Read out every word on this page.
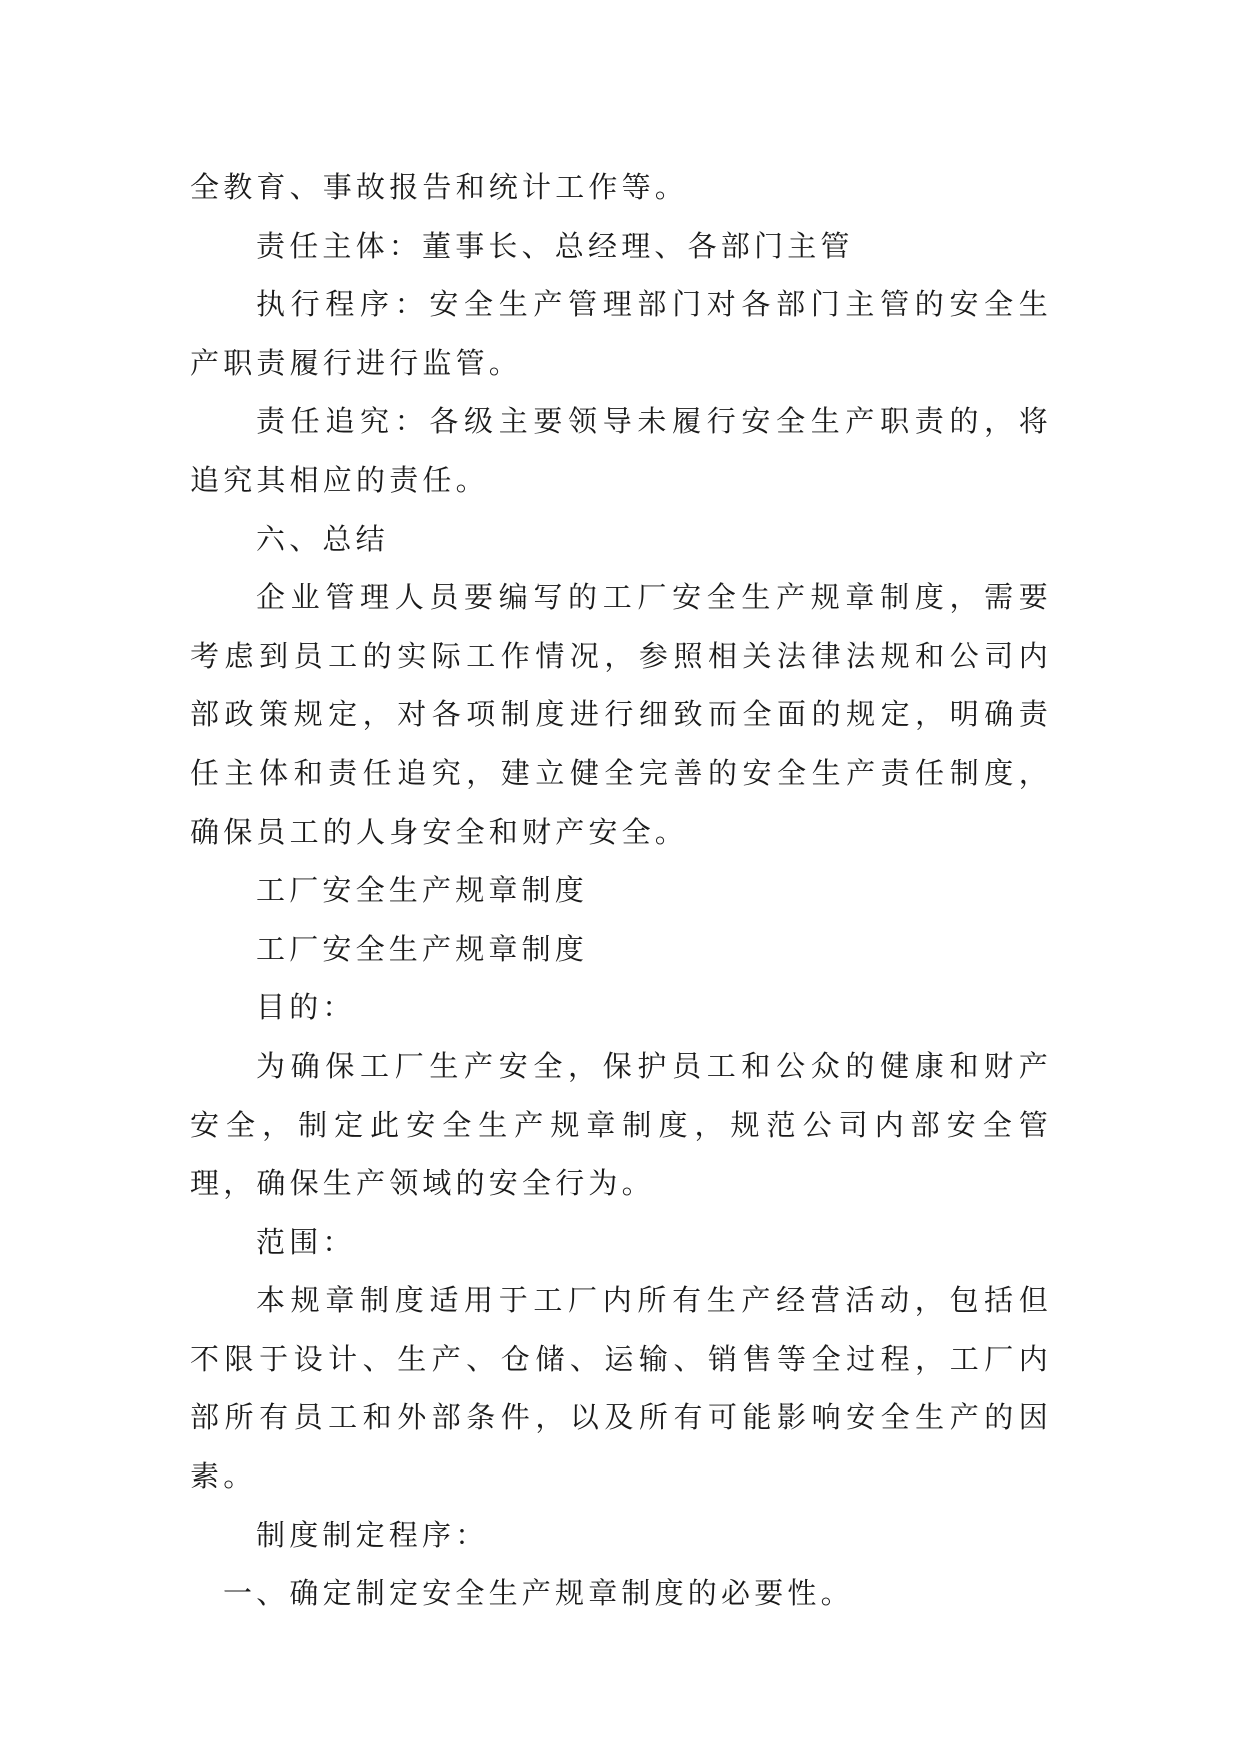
全教育、事故报告和统计工作等。

责任主体：董事长、总经理、各部门主管

执行程序：安全生产管理部门对各部门主管的安全生产职责履行进行监管。

责任追究：各级主要领导未履行安全生产职责的，将追究其相应的责任。

六、总结

企业管理人员要编写的工厂安全生产规章制度，需要考虑到员工的实际工作情况，参照相关法律法规和公司内部政策规定，对各项制度进行细致而全面的规定，明确责任主体和责任追究，建立健全完善的安全生产责任制度，确保员工的人身安全和财产安全。

工厂安全生产规章制度

工厂安全生产规章制度

目的：

为确保工厂生产安全，保护员工和公众的健康和财产安全，制定此安全生产规章制度，规范公司内部安全管理，确保生产领域的安全行为。

范围：

本规章制度适用于工厂内所有生产经营活动，包括但不限于设计、生产、仓储、运输、销售等全过程，工厂内部所有员工和外部条件，以及所有可能影响安全生产的因素。

制度制定程序：

一、确定制定安全生产规章制度的必要性。
